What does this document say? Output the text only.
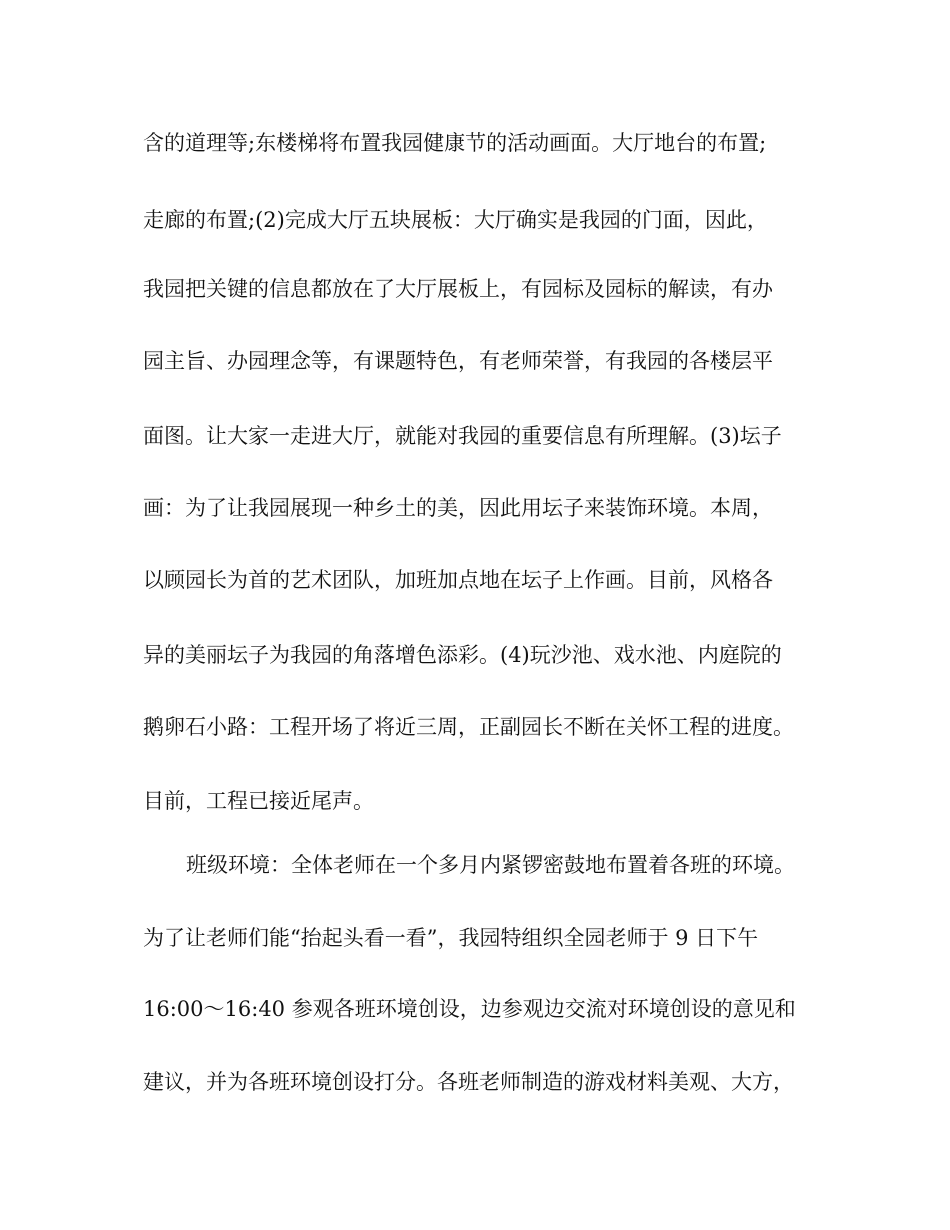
含的道理等;东楼梯将布置我园健康节的活动画面。大厅地台的布置;
走廊的布置;(2)完成大厅五块展板：大厅确实是我园的门面，因此，
我园把关键的信息都放在了大厅展板上，有园标及园标的解读，有办
园主旨、办园理念等，有课题特色，有老师荣誉，有我园的各楼层平
面图。让大家一走进大厅，就能对我园的重要信息有所理解。(3)坛子
画：为了让我园展现一种乡土的美，因此用坛子来装饰环境。本周，
以顾园长为首的艺术团队，加班加点地在坛子上作画。目前，风格各
异的美丽坛子为我园的角落增色添彩。(4)玩沙池、戏水池、内庭院的
鹅卵石小路：工程开场了将近三周，正副园长不断在关怀工程的进度。
目前，工程已接近尾声。
班级环境：全体老师在一个多月内紧锣密鼓地布置着各班的环境。
为了让老师们能“抬起头看一看”，我园特组织全园老师于 9 日下午
16:00～16:40 参观各班环境创设，边参观边交流对环境创设的意见和
建议，并为各班环境创设打分。各班老师制造的游戏材料美观、大方，
